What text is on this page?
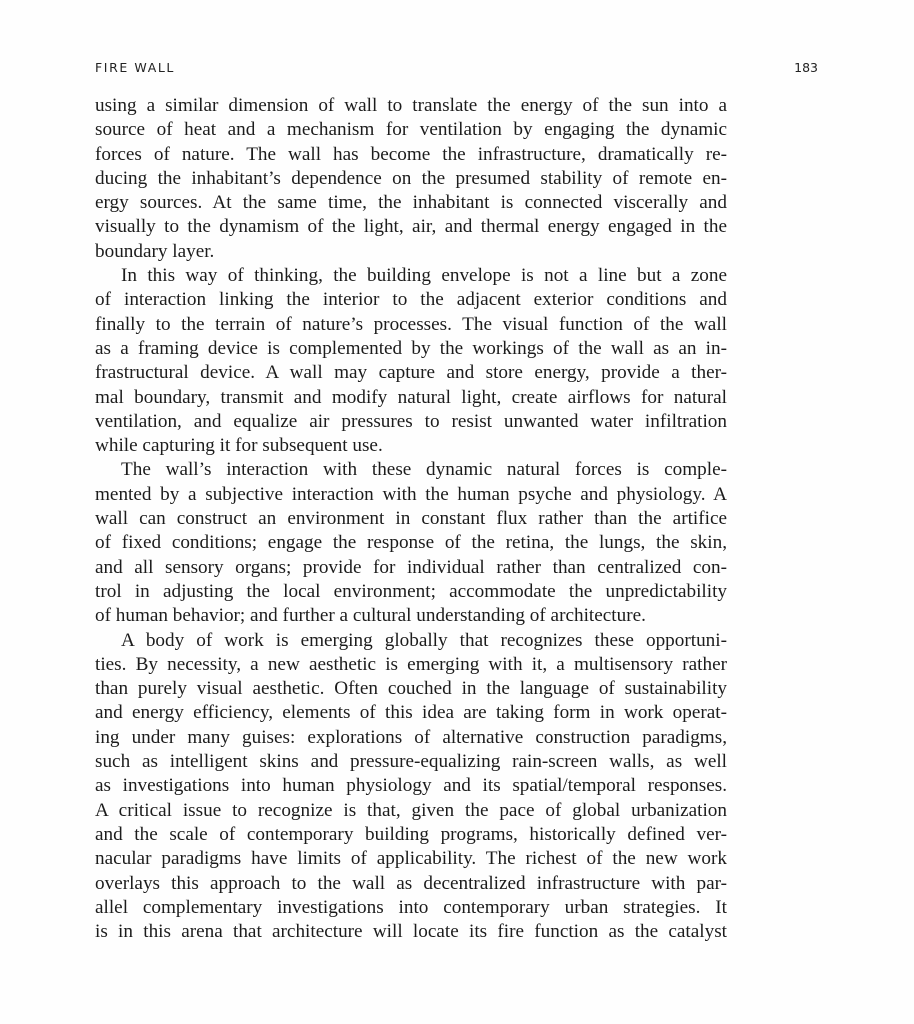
FIRE WALL	183
using a similar dimension of wall to translate the energy of the sun into a
source of heat and a mechanism for ventilation by engaging the dynamic
forces of nature. The wall has become the infrastructure, dramatically re-
ducing the inhabitant’s dependence on the presumed stability of remote en-
ergy sources. At the same time, the inhabitant is connected viscerally and
visually to the dynamism of the light, air, and thermal energy engaged in the
boundary layer.
In this way of thinking, the building envelope is not a line but a zone
of interaction linking the interior to the adjacent exterior conditions and
finally to the terrain of nature’s processes. The visual function of the wall
as a framing device is complemented by the workings of the wall as an in-
frastructural device. A wall may capture and store energy, provide a ther-
mal boundary, transmit and modify natural light, create airflows for natural
ventilation, and equalize air pressures to resist unwanted water infiltration
while capturing it for subsequent use.
The wall’s interaction with these dynamic natural forces is comple-
mented by a subjective interaction with the human psyche and physiology. A
wall can construct an environment in constant flux rather than the artifice
of fixed conditions; engage the response of the retina, the lungs, the skin,
and all sensory organs; provide for individual rather than centralized con-
trol in adjusting the local environment; accommodate the unpredictability
of human behavior; and further a cultural understanding of architecture.
A body of work is emerging globally that recognizes these opportuni-
ties. By necessity, a new aesthetic is emerging with it, a multisensory rather
than purely visual aesthetic. Often couched in the language of sustainability
and energy efficiency, elements of this idea are taking form in work operat-
ing under many guises: explorations of alternative construction paradigms,
such as intelligent skins and pressure-equalizing rain-screen walls, as well
as investigations into human physiology and its spatial/temporal responses.
A critical issue to recognize is that, given the pace of global urbanization
and the scale of contemporary building programs, historically defined ver-
nacular paradigms have limits of applicability. The richest of the new work
overlays this approach to the wall as decentralized infrastructure with par-
allel complementary investigations into contemporary urban strategies. It
is in this arena that architecture will locate its fire function as the catalyst
